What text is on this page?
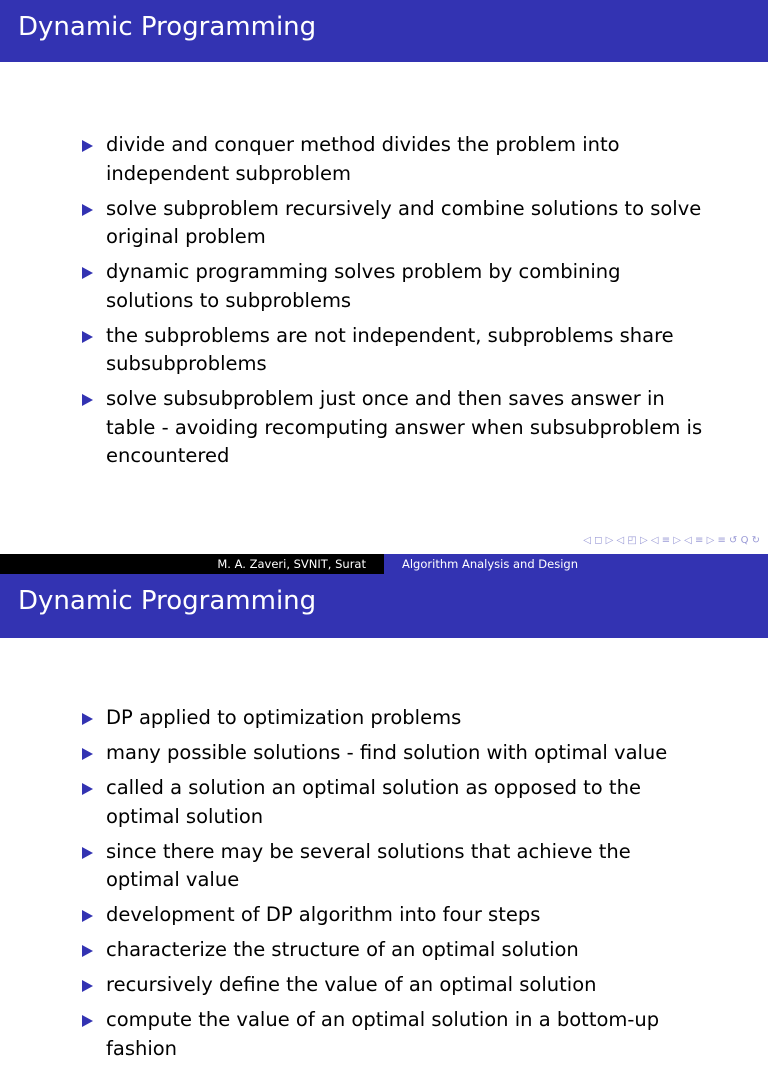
Dynamic Programming
divide and conquer method divides the problem into independent subproblem
solve subproblem recursively and combine solutions to solve original problem
dynamic programming solves problem by combining solutions to subproblems
the subproblems are not independent, subproblems share subsubproblems
solve subsubproblem just once and then saves answer in table - avoiding recomputing answer when subsubproblem is encountered
◁ ◻ ▷ ◁ ◰ ▷ ◁ ≡ ▷ ◁ ≡ ▷ ≡ ↺ Q ↻
M. A. Zaveri, SVNIT, Surat	Algorithm Analysis and Design
Dynamic Programming
DP applied to optimization problems
many possible solutions - find solution with optimal value
called a solution an optimal solution as opposed to the optimal solution
since there may be several solutions that achieve the optimal value
development of DP algorithm into four steps
characterize the structure of an optimal solution
recursively define the value of an optimal solution
compute the value of an optimal solution in a bottom-up fashion
